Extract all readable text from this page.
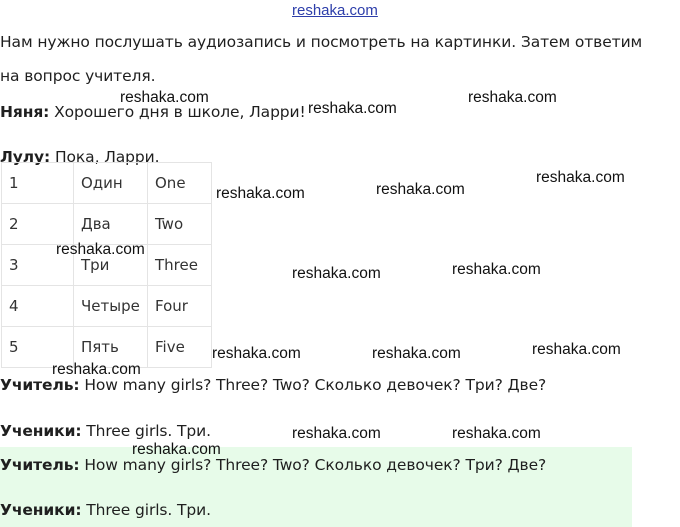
reshaka.com
Нам нужно послушать аудиозапись и посмотреть на картинки. Затем ответим
на вопрос учителя.
Няня: Хорошего дня в школе, Ларри!
Лулу: Пока, Ларри.
1	Один	One
2	Два	Two
3	Три	Three
4	Четыре	Four
5	Пять	Five
Учитель: How many girls? Three? Two? Сколько девочек? Три? Две?
Ученики: Three girls. Три.
Учитель: How many girls? Three? Two? Сколько девочек? Три? Две?
Ученики: Three girls. Три.
reshaka.com
reshaka.com
reshaka.com
reshaka.com
reshaka.com
reshaka.com
reshaka.com
reshaka.com
reshaka.com
reshaka.com
reshaka.com
reshaka.com
reshaka.com
reshaka.com
reshaka.com
reshaka.com
